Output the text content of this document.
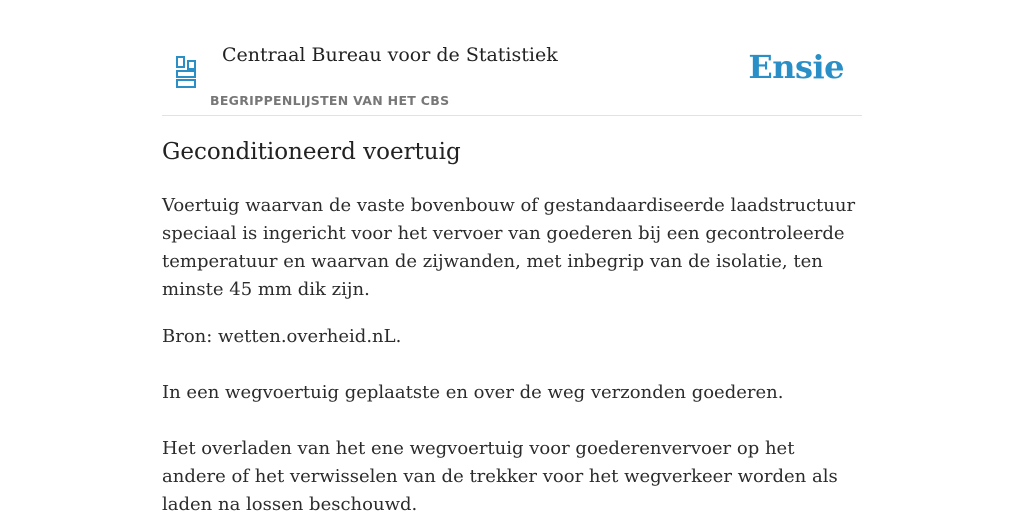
Centraal Bureau voor de Statistiek
BEGRIPPENLIJSTEN VAN HET CBS
Ensie
Geconditioneerd voertuig

Voertuig waarvan de vaste bovenbouw of gestandaardiseerde laadstructuur speciaal is ingericht voor het vervoer van goederen bij een gecontroleerde temperatuur en waarvan de zijwanden, met inbegrip van de isolatie, ten minste 45 mm dik zijn.

Bron: wetten.overheid.nL.

In een wegvoertuig geplaatste en over de weg verzonden goederen.

Het overladen van het ene wegvoertuig voor goederenvervoer op het andere of het verwisselen van de trekker voor het wegverkeer worden als laden na lossen beschouwd.
